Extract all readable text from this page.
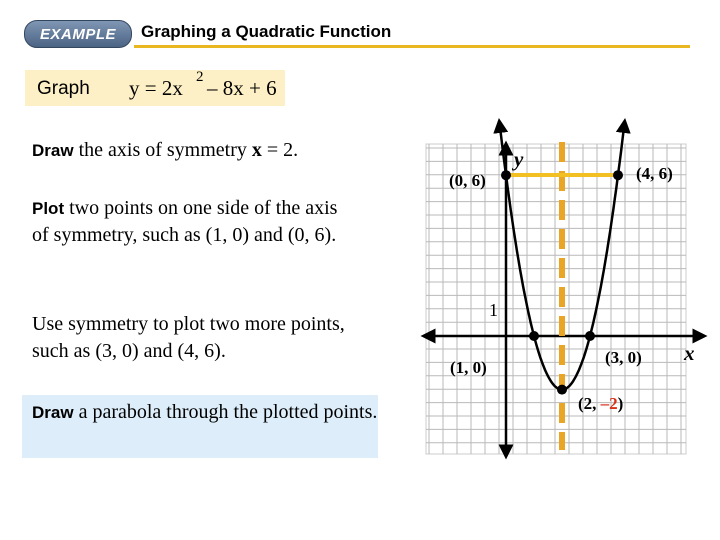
EXAMPLE Graphing a Quadratic Function
Graph y = 2x 2 – 8x + 6
Draw the axis of symmetry x = 2.
Plot two points on one side of the axis of symmetry, such as (1, 0) and (0, 6).
Use symmetry to plot two more points, such as (3, 0) and (4, 6).
Draw a parabola through the plotted points.
y
x
1
(0, 6)	(4, 6)
(1, 0)
(3, 0)
(2, –2)
